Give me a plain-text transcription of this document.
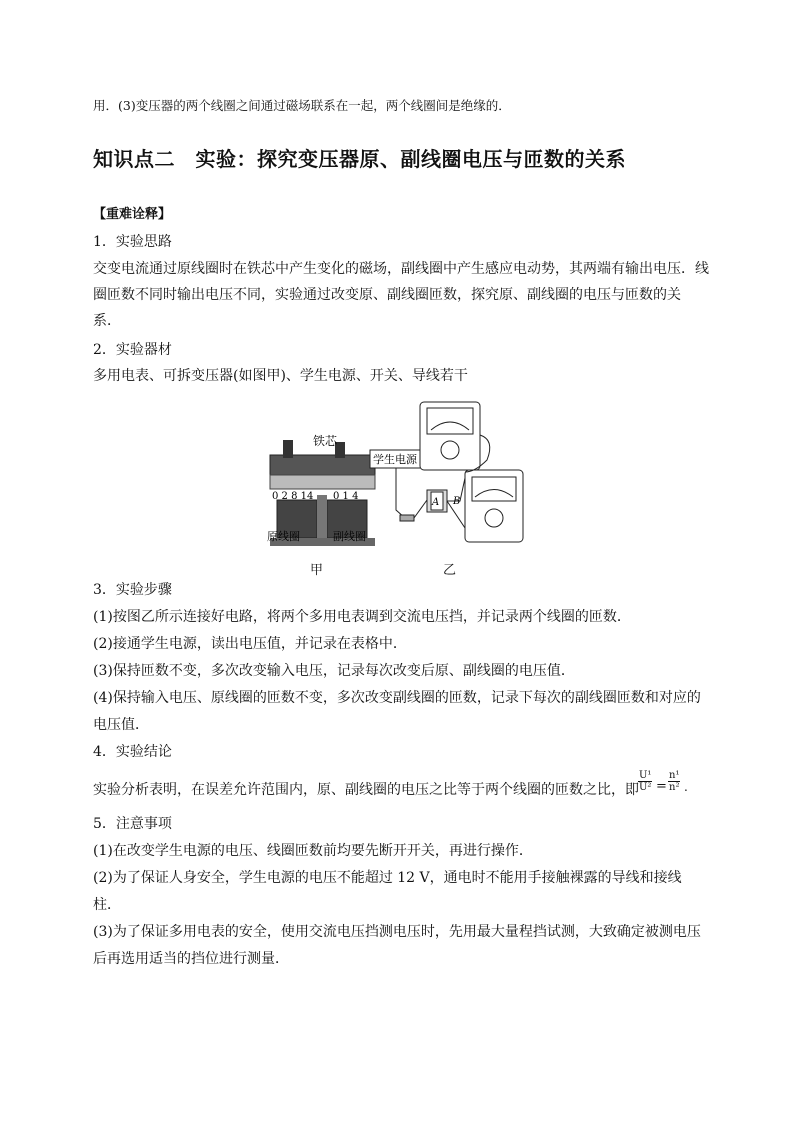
用．(3)变压器的两个线圈之间通过磁场联系在一起，两个线圈间是绝缘的．
知识点二　实验：探究变压器原、副线圈电压与匝数的关系
【重难诠释】
1．实验思路
交变电流通过原线圈时在铁芯中产生变化的磁场，副线圈中产生感应电动势，其两端有输出电压．线
圈匝数不同时输出电压不同，实验通过改变原、副线圈匝数，探究原、副线圈的电压与匝数的关
系．
2．实验器材
多用电表、可拆变压器(如图甲)、学生电源、开关、导线若干
铁芯
0 2 8 14 0 1 4
原线圈	副线圈
学生电源
A B
甲	乙
3．实验步骤
(1)按图乙所示连接好电路，将两个多用电表调到交流电压挡，并记录两个线圈的匝数．
(2)接通学生电源，读出电压值，并记录在表格中．
(3)保持匝数不变，多次改变输入电压，记录每次改变后原、副线圈的电压值．
(4)保持输入电压、原线圈的匝数不变，多次改变副线圈的匝数，记录下每次的副线圈匝数和对应的
电压值．
4．实验结论
实验分析表明，在误差允许范围内，原、副线圈的电压之比等于两个线圈的匝数之比，即 $\frac{\text{U¹}}{\text{U²}} = \frac{\text{n¹}}{\text{n²}}$ .
5．注意事项
(1)在改变学生电源的电压、线圈匝数前均要先断开开关，再进行操作．
(2)为了保证人身安全，学生电源的电压不能超过 12 V，通电时不能用手接触裸露的导线和接线
柱．
(3)为了保证多用电表的安全，使用交流电压挡测电压时，先用最大量程挡试测，大致确定被测电压
后再选用适当的挡位进行测量．
